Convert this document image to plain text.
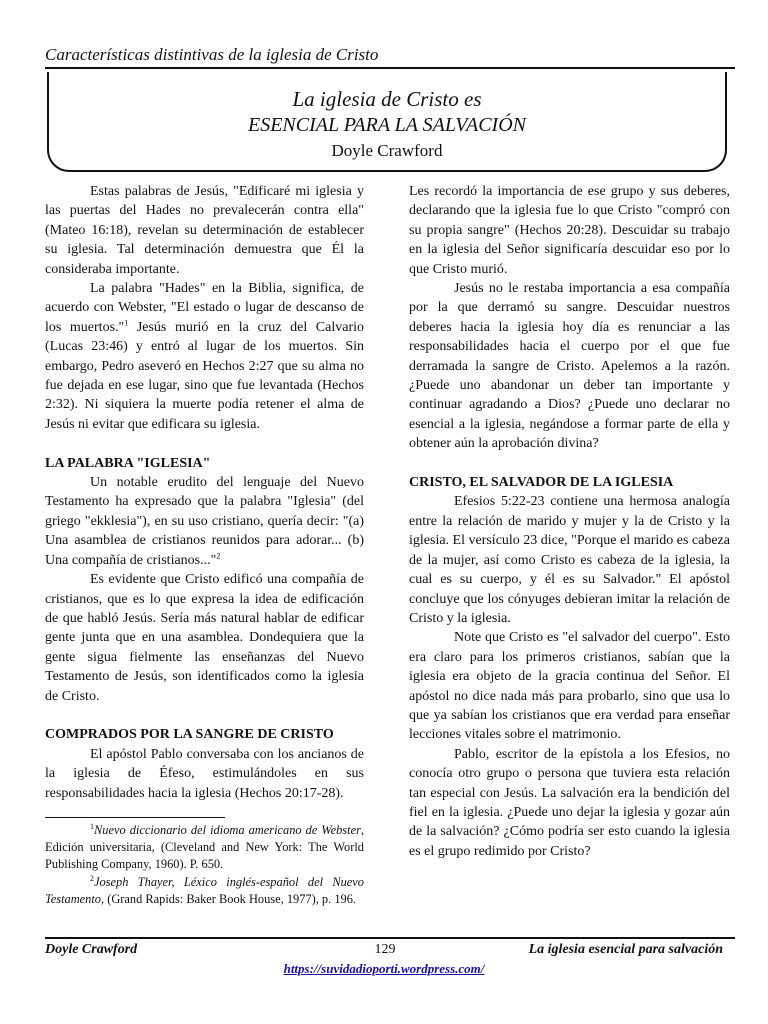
Características distintivas de la iglesia de Cristo
La iglesia de Cristo es
ESENCIAL PARA LA SALVACIÓN
Doyle Crawford

Estas palabras de Jesús, "Edificaré mi iglesia y las puertas del Hades no prevalecerán contra ella" (Mateo 16:18), revelan su determinación de establecer su iglesia. Tal determinación demuestra que Él la consideraba importante.

La palabra "Hades" en la Biblia, significa, de acuerdo con Webster, "El estado o lugar de descanso de los muertos."$^1$ Jesús murió en la cruz del Calvario (Lucas 23:46) y entró al lugar de los muertos. Sin embargo, Pedro aseveró en Hechos 2:27 que su alma no fue dejada en ese lugar, sino que fue levantada (Hechos 2:32). Ni siquiera la muerte podía retener el alma de Jesús ni evitar que edificara su iglesia.

LA PALABRA "IGLESIA"

Un notable erudito del lenguaje del Nuevo Testamento ha expresado que la palabra "Iglesia" (del griego "ekklesia"), en su uso cristiano, quería decir: "(a) Una asamblea de cristianos reunidos para adorar... (b) Una compañía de cristianos..."$^2$

Es evidente que Cristo edificó una compañía de cristianos, que es lo que expresa la idea de edificación de que habló Jesús. Sería más natural hablar de edificar gente junta que en una asamblea. Dondequiera que la gente sigua fielmente las enseñanzas del Nuevo Testamento de Jesús, son identificados como la iglesia de Cristo.

COMPRADOS POR LA SANGRE DE CRISTO

El apóstol Pablo conversaba con los ancianos de la iglesia de Éfeso, estimulándoles en sus responsabilidades hacia la iglesia (Hechos 20:17-28).

$^1$Nuevo diccionario del idioma americano de Webster, Edición universitaria, (Cleveland and New York: The World Publishing Company, 1960). P. 650.

$^2$Joseph Thayer, Léxico inglés-español del Nuevo Testamento, (Grand Rapids: Baker Book House, 1977), p. 196.

Les recordó la importancia de ese grupo y sus deberes, declarando que la iglesia fue lo que Cristo "compró con su propia sangre" (Hechos 20:28). Descuidar su trabajo en la iglesia del Señor significaría descuidar eso por lo que Cristo murió.

Jesús no le restaba importancia a esa compañía por la que derramó su sangre. Descuidar nuestros deberes hacia la iglesia hoy día es renunciar a las responsabilidades hacia el cuerpo por el que fue derramada la sangre de Cristo. Apelemos a la razón. ¿Puede uno abandonar un deber tan importante y continuar agradando a Dios? ¿Puede uno declarar no esencial a la iglesia, negándose a formar parte de ella y obtener aún la aprobación divina?

CRISTO, EL SALVADOR DE LA IGLESIA

Efesios 5:22-23 contiene una hermosa analogía entre la relación de marido y mujer y la de Cristo y la iglesia. El versículo 23 dice, "Porque el marido es cabeza de la mujer, así como Cristo es cabeza de la iglesia, la cual es su cuerpo, y él es su Salvador." El apóstol concluye que los cónyuges debieran imitar la relación de Cristo y la iglesia.

Note que Cristo es "el salvador del cuerpo". Esto era claro para los primeros cristianos, sabían que la iglesia era objeto de la gracia continua del Señor. El apóstol no dice nada más para probarlo, sino que usa lo que ya sabían los cristianos que era verdad para enseñar lecciones vitales sobre el matrimonio.

Pablo, escritor de la epístola a los Efesios, no conocía otro grupo o persona que tuviera esta relación tan especial con Jesús. La salvación era la bendición del fiel en la iglesia. ¿Puede uno dejar la iglesia y gozar aún de la salvación? ¿Cómo podría ser esto cuando la iglesia es el grupo redimido por Cristo?

Doyle Crawford	129	La iglesia esencial para salvación
https://suvidadioporti.wordpress.com/
